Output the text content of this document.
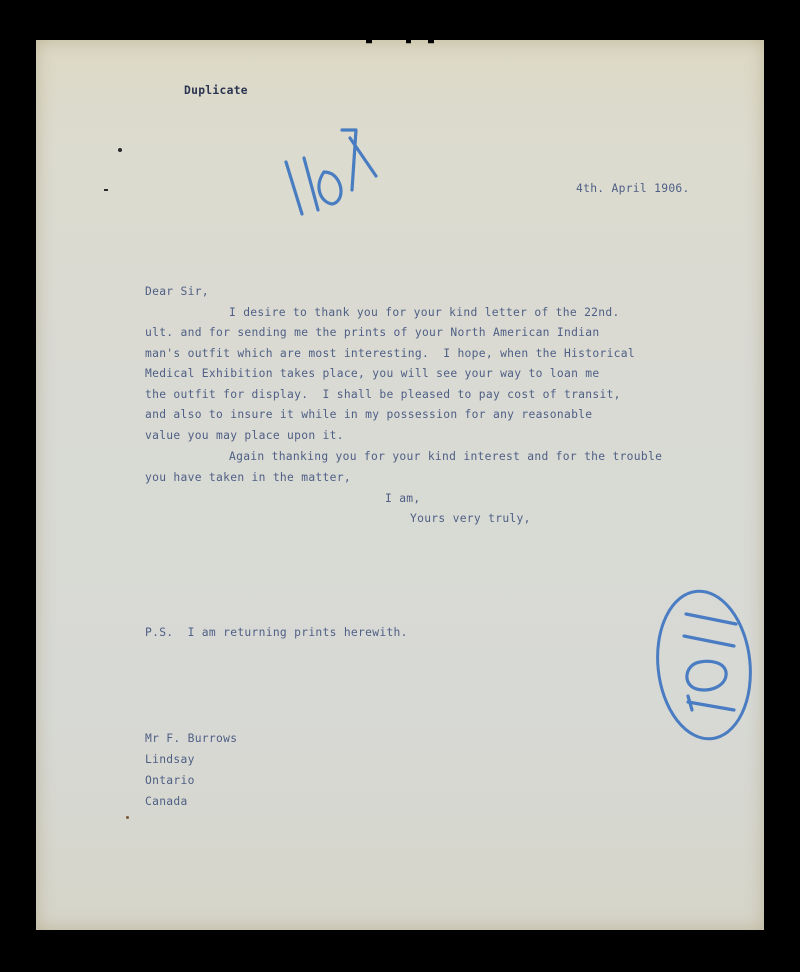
Duplicate

4th. April 1906.

Dear Sir,

I desire to thank you for your kind letter of the 22nd.

ult. and for sending me the prints of your North American Indian

man's outfit which are most interesting.  I hope, when the Historical

Medical Exhibition takes place, you will see your way to loan me

the outfit for display.  I shall be pleased to pay cost of transit,

and also to insure it while in my possession for any reasonable

value you may place upon it.

Again thanking you for your kind interest and for the trouble

you have taken in the matter,

I am,

Yours very truly,

P.S.  I am returning prints herewith.

Mr F. Burrows

Lindsay

Ontario

Canada
